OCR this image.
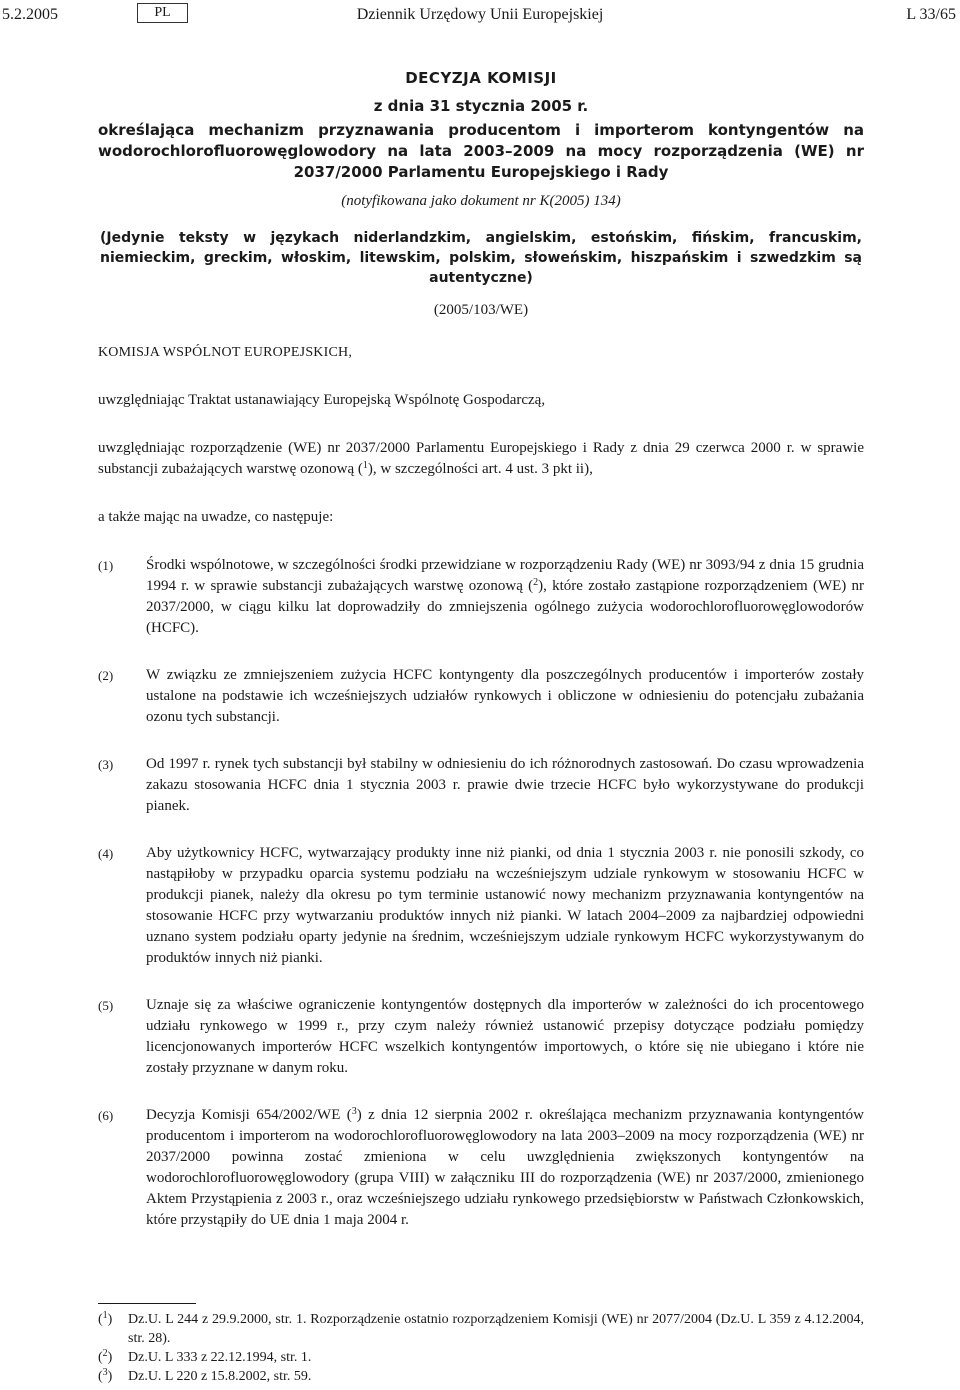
5.2.2005	PL	Dziennik Urzędowy Unii Europejskiej	L 33/65
DECYZJA KOMISJI
z dnia 31 stycznia 2005 r.
określająca mechanizm przyznawania producentom i importerom kontyngentów na wodorochlorofluorowęglowodory na lata 2003–2009 na mocy rozporządzenia (WE) nr 2037/2000 Parlamentu Europejskiego i Rady
(notyfikowana jako dokument nr K(2005) 134)
(Jedynie teksty w językach niderlandzkim, angielskim, estońskim, fińskim, francuskim, niemieckim, greckim, włoskim, litewskim, polskim, słoweńskim, hiszpańskim i szwedzkim są autentyczne)
(2005/103/WE)

KOMISJA WSPÓLNOT EUROPEJSKICH,

uwzględniając Traktat ustanawiający Europejską Wspólnotę Gospodarczą,

uwzględniając rozporządzenie (WE) nr 2037/2000 Parlamentu Europejskiego i Rady z dnia 29 czerwca 2000 r. w sprawie substancji zubażających warstwę ozonową ($^1$), w szczególności art. 4 ust. 3 pkt ii),

a także mając na uwadze, co następuje:

(1) Środki wspólnotowe, w szczególności środki przewidziane w rozporządzeniu Rady (WE) nr 3093/94 z dnia 15 grudnia 1994 r. w sprawie substancji zubażających warstwę ozonową ($^2$), które zostało zastąpione rozporządzeniem (WE) nr 2037/2000, w ciągu kilku lat doprowadziły do zmniejszenia ogólnego zużycia wodorochlorofluorowęglowodorów (HCFC).
(2) W związku ze zmniejszeniem zużycia HCFC kontyngenty dla poszczególnych producentów i importerów zostały ustalone na podstawie ich wcześniejszych udziałów rynkowych i obliczone w odniesieniu do potencjału zubażania ozonu tych substancji.
(3) Od 1997 r. rynek tych substancji był stabilny w odniesieniu do ich różnorodnych zastosowań. Do czasu wprowadzenia zakazu stosowania HCFC dnia 1 stycznia 2003 r. prawie dwie trzecie HCFC było wykorzystywane do produkcji pianek.
(4) Aby użytkownicy HCFC, wytwarzający produkty inne niż pianki, od dnia 1 stycznia 2003 r. nie ponosili szkody, co nastąpiłoby w przypadku oparcia systemu podziału na wcześniejszym udziale rynkowym w stosowaniu HCFC w produkcji pianek, należy dla okresu po tym terminie ustanowić nowy mechanizm przyznawania kontyngentów na stosowanie HCFC przy wytwarzaniu produktów innych niż pianki. W latach 2004–2009 za najbardziej odpowiedni uznano system podziału oparty jedynie na średnim, wcześniejszym udziale rynkowym HCFC wykorzystywanym do produktów innych niż pianki.
(5) Uznaje się za właściwe ograniczenie kontyngentów dostępnych dla importerów w zależności do ich procentowego udziału rynkowego w 1999 r., przy czym należy również ustanowić przepisy dotyczące podziału pomiędzy licencjonowanych importerów HCFC wszelkich kontyngentów importowych, o które się nie ubiegano i które nie zostały przyznane w danym roku.
(6) Decyzja Komisji 654/2002/WE ($^3$) z dnia 12 sierpnia 2002 r. określająca mechanizm przyznawania kontyngentów producentom i importerom na wodorochlorofluorowęglowodory na lata 2003–2009 na mocy rozporządzenia (WE) nr 2037/2000 powinna zostać zmieniona w celu uwzględnienia zwiększonych kontyngentów na wodorochlorofluorowęglowodory (grupa VIII) w załączniku III do rozporządzenia (WE) nr 2037/2000, zmienionego Aktem Przystąpienia z 2003 r., oraz wcześniejszego udziału rynkowego przedsiębiorstw w Państwach Członkowskich, które przystąpiły do UE dnia 1 maja 2004 r.
($^1$) Dz.U. L 244 z 29.9.2000, str. 1. Rozporządzenie ostatnio rozporządzeniem Komisji (WE) nr 2077/2004 (Dz.U. L 359 z 4.12.2004, str. 28).
($^2$) Dz.U. L 333 z 22.12.1994, str. 1.
($^3$) Dz.U. L 220 z 15.8.2002, str. 59.
